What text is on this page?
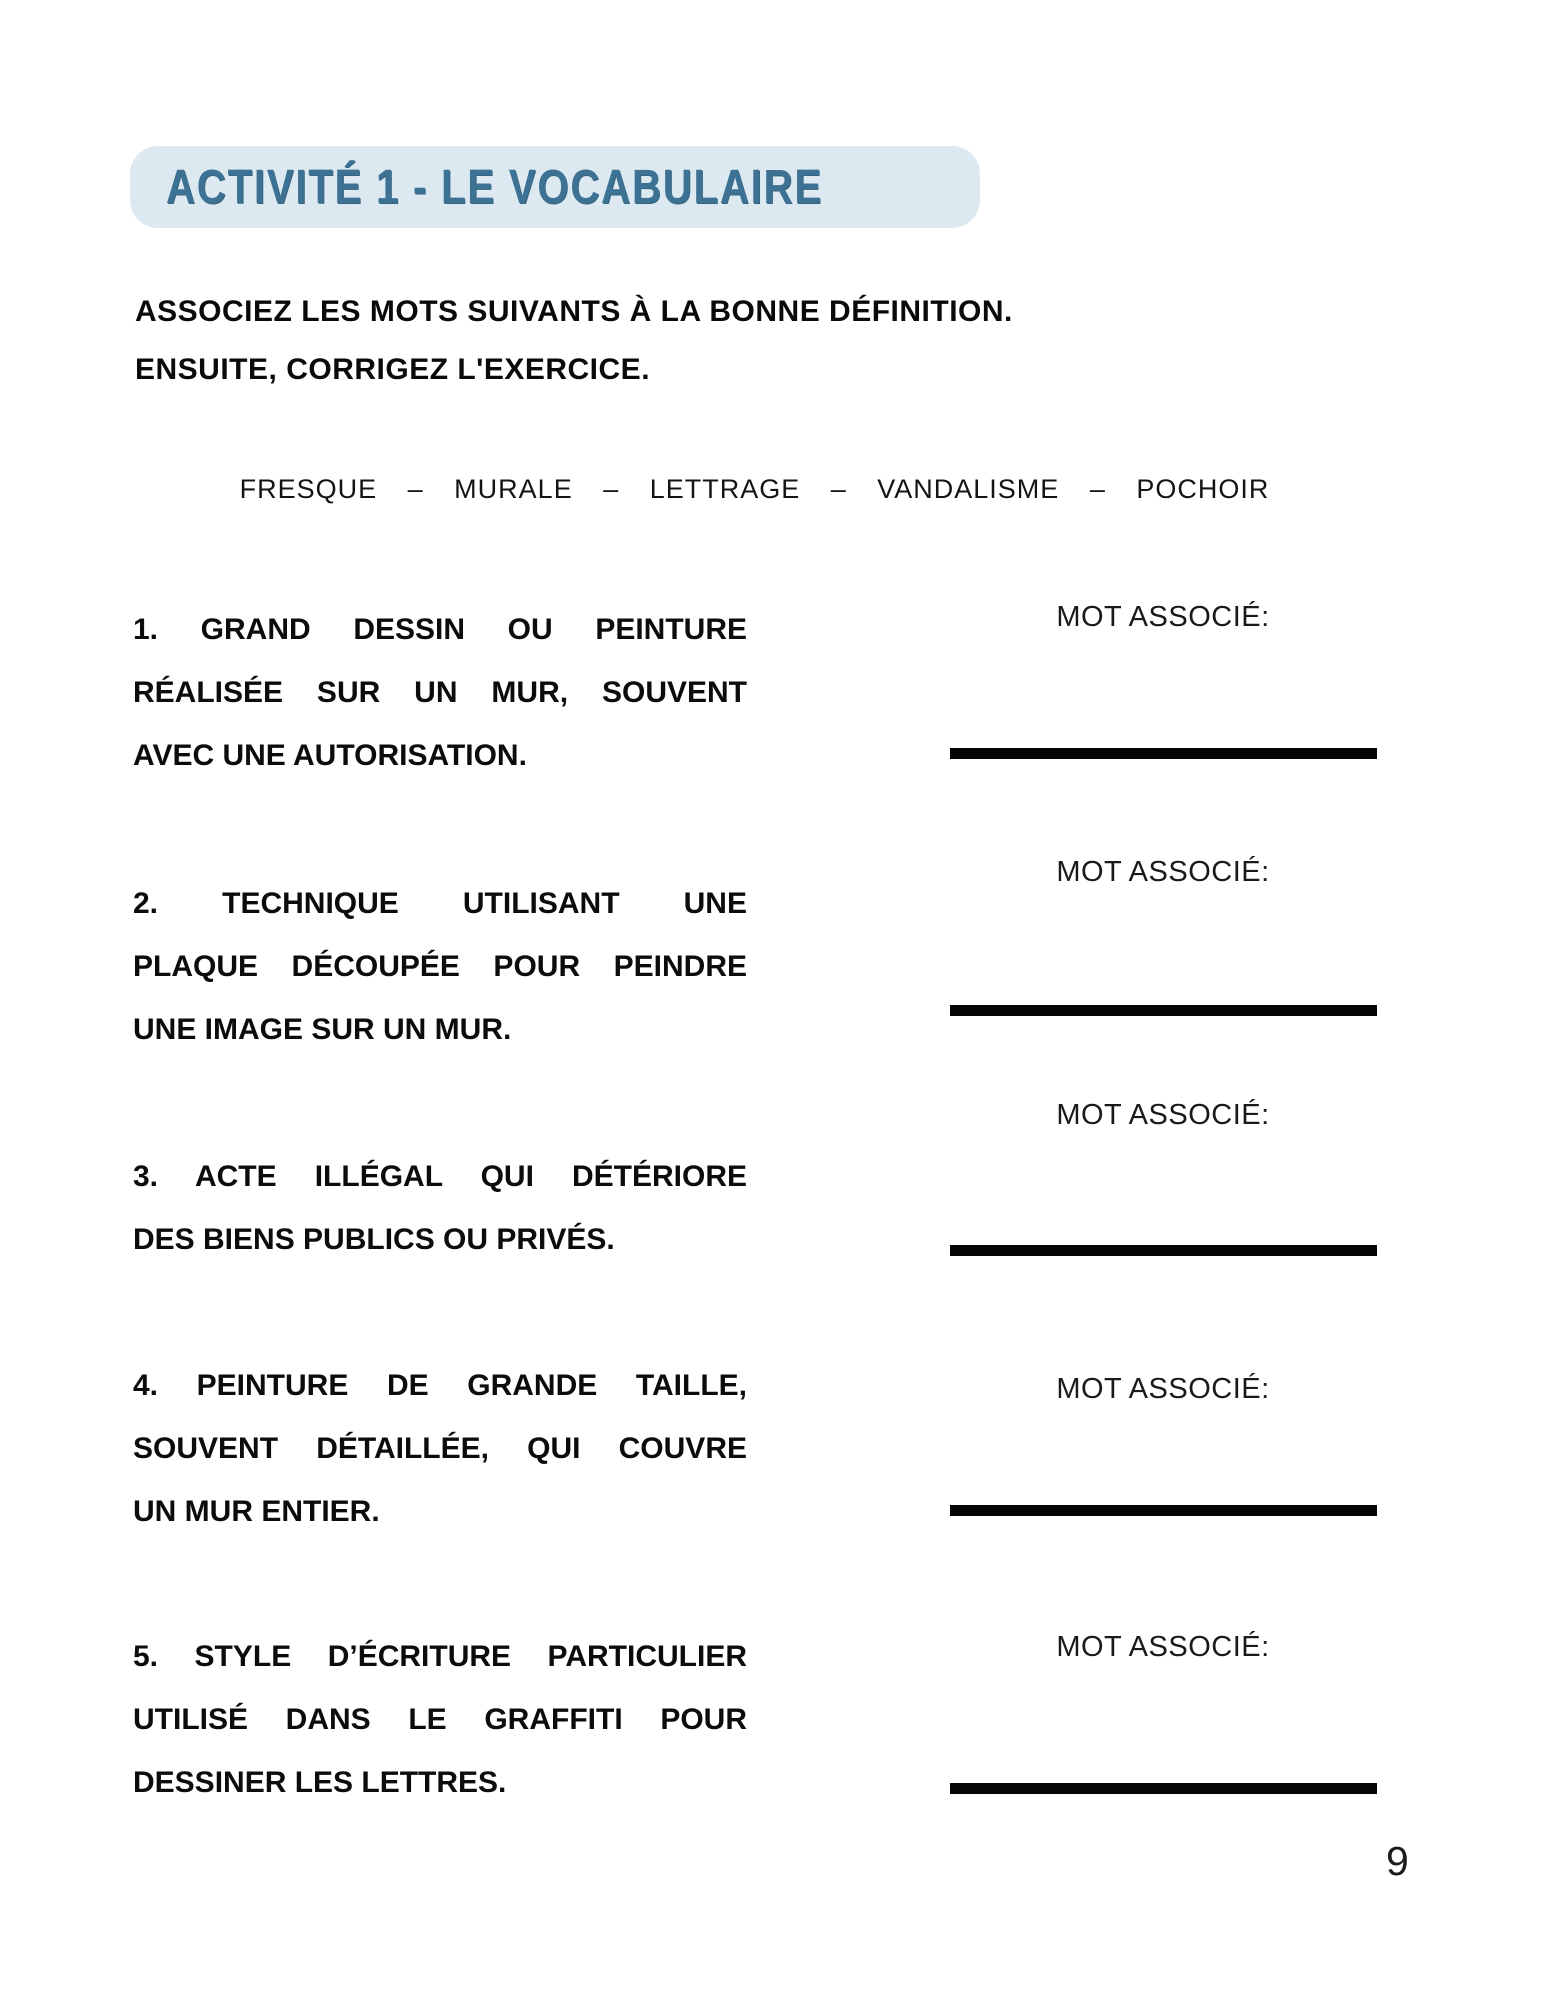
ACTIVITÉ 1 - LE VOCABULAIRE
ASSOCIEZ LES MOTS SUIVANTS À LA BONNE DÉFINITION.
ENSUITE, CORRIGEZ L'EXERCICE.
FRESQUE – MURALE – LETTRAGE – VANDALISME – POCHOIR
1. GRAND DESSIN OU PEINTURE
RÉALISÉE SUR UN MUR, SOUVENT
AVEC UNE AUTORISATION.
MOT ASSOCIÉ:
2. TECHNIQUE UTILISANT UNE
PLAQUE DÉCOUPÉE POUR PEINDRE
UNE IMAGE SUR UN MUR.
MOT ASSOCIÉ:
3. ACTE ILLÉGAL QUI DÉTÉRIORE
DES BIENS PUBLICS OU PRIVÉS.
MOT ASSOCIÉ:
4. PEINTURE DE GRANDE TAILLE,
SOUVENT DÉTAILLÉE, QUI COUVRE
UN MUR ENTIER.
MOT ASSOCIÉ:
5. STYLE D’ÉCRITURE PARTICULIER
UTILISÉ DANS LE GRAFFITI POUR
DESSINER LES LETTRES.
MOT ASSOCIÉ:
9
